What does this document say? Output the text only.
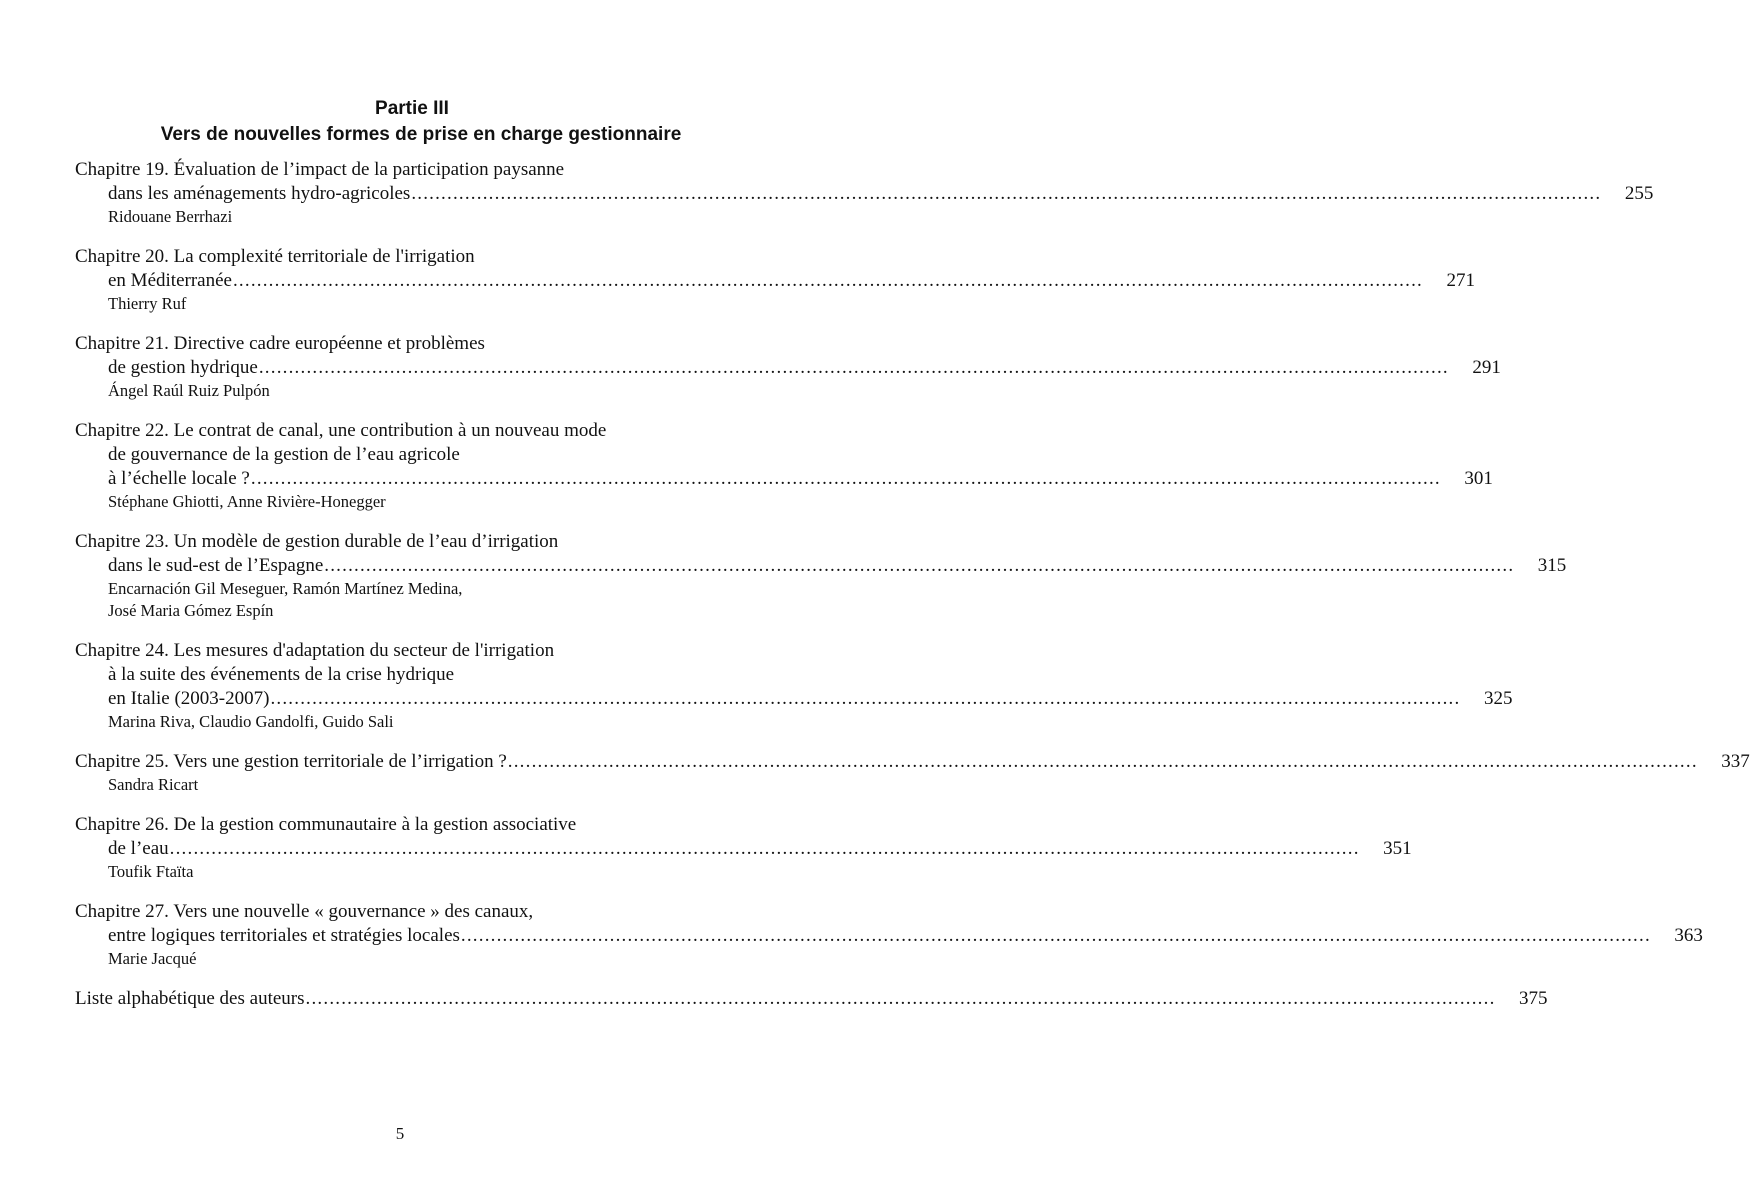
Partie III
Vers de nouvelles formes de prise en charge gestionnaire
Chapitre 19. Évaluation de l’impact de la participation paysanne
dans les aménagements hydro-agricoles ........................................................................................................................................................................................................ 255
Ridouane Berrhazi
Chapitre 20. La complexité territoriale de l'irrigation
en Méditerranée ........................................................................................................................................................................................................ 271
Thierry Ruf
Chapitre 21. Directive cadre européenne et problèmes
de gestion hydrique ........................................................................................................................................................................................................ 291
Ángel Raúl Ruiz Pulpón
Chapitre 22. Le contrat de canal, une contribution à un nouveau mode
de gouvernance de la gestion de l’eau agricole
à l’échelle locale ? ........................................................................................................................................................................................................ 301
Stéphane Ghiotti, Anne Rivière-Honegger
Chapitre 23. Un modèle de gestion durable de l’eau d’irrigation
dans le sud-est de l’Espagne ........................................................................................................................................................................................................ 315
Encarnación Gil Meseguer, Ramón Martínez Medina,
José Maria Gómez Espín
Chapitre 24. Les mesures d'adaptation du secteur de l'irrigation
à la suite des événements de la crise hydrique
en Italie (2003-2007) ........................................................................................................................................................................................................ 325
Marina Riva, Claudio Gandolfi, Guido Sali
Chapitre 25. Vers une gestion territoriale de l’irrigation ? ........................................................................................................................................................................................................ 337
Sandra Ricart
Chapitre 26. De la gestion communautaire à la gestion associative
de l’eau ........................................................................................................................................................................................................ 351
Toufik Ftaïta
Chapitre 27. Vers une nouvelle « gouvernance » des canaux,
entre logiques territoriales et stratégies locales ........................................................................................................................................................................................................ 363
Marie Jacqué
Liste alphabétique des auteurs ........................................................................................................................................................................................................ 375
5
